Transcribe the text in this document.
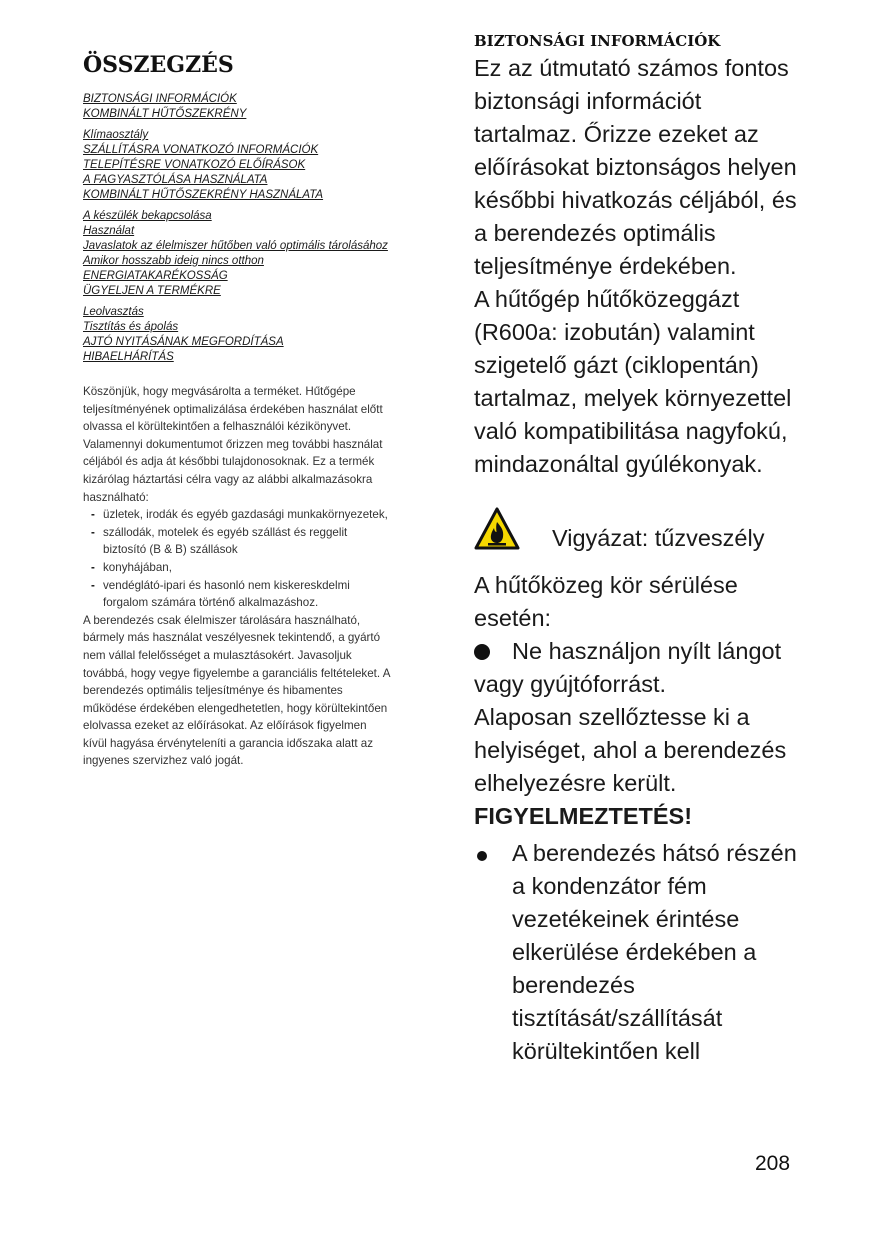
ÖSSZEGZÉS
BIZTONSÁGI INFORMÁCIÓK
KOMBINÁLT HŰTŐSZEKRÉNY
Klímaosztály
SZÁLLÍTÁSRA VONATKOZÓ INFORMÁCIÓK
TELEPÍTÉSRE VONATKOZÓ ELŐÍRÁSOK
A FAGYASZTÓLÁSA HASZNÁLATA
KOMBINÁLT HŰTŐSZEKRÉNY HASZNÁLATA
A készülék bekapcsolása
Használat
Javaslatok az élelmiszer hűtőben való optimális tárolásához
Amikor hosszabb ideig nincs otthon
ENERGIATAKARÉKOSSÁG
ÜGYELJEN A TERMÉKRE
Leolvasztás
Tisztítás és ápolás
AJTÓ NYITÁSÁNAK MEGFORDÍTÁSA
HIBAELHÁRÍTÁS

Köszönjük, hogy megvásárolta a terméket. Hűtőgépe teljesítményének optimalizálása érdekében használat előtt olvassa el körültekintően a felhasználói kézikönyvet. Valamennyi dokumentumot őrizzen meg további használat céljából és adja át későbbi tulajdonosoknak. Ez a termék kizárólag háztartási célra vagy az alábbi alkalmazásokra használható:

- üzletek, irodák és egyéb gazdasági munkakörnyezetek,
- szállodák, motelek és egyéb szállást és reggelit biztosító (B & B) szállások
- konyhájában,
- vendéglátó-ipari és hasonló nem kiskereskdelmi forgalom számára történő alkalmazáshoz.

A berendezés csak élelmiszer tárolására használható, bármely más használat veszélyesnek tekintendő, a gyártó nem vállal felelősséget a mulasztásokért. Javasoljuk továbbá, hogy vegye figyelembe a garanciális feltételeket. A berendezés optimális teljesítménye és hibamentes működése érdekében elengedhetetlen, hogy körültekintően elolvassa ezeket az előírásokat. Az előírások figyelmen kívül hagyása érvényteleníti a garancia időszaka alatt az ingyenes szervizhez való jogát.

BIZTONSÁGI INFORMÁCIÓK

Ez az útmutató számos fontos biztonsági információt tartalmaz. Őrizze ezeket az előírásokat biztonságos helyen későbbi hivatkozás céljából, és a berendezés optimális teljesítménye érdekében.

A hűtőgép hűtőközeggázt (R600a: izobután) valamint szigetelő gázt (ciklopentán) tartalmaz, melyek környezettel való kompatibilitása nagyfokú, mindazonáltal gyúlékonyak.

Vigyázat: tűzveszély

A hűtőközeg kör sérülése esetén:

Ne használjon nyílt lángot vagy gyújtóforrást.

Alaposan szellőztesse ki a helyiséget, ahol a berendezés elhelyezésre került.

FIGYELMEZTETÉS!

A berendezés hátsó részén a kondenzátor fém vezetékeinek érintése elkerülése érdekében a berendezés tisztítását/szállítását körültekintően kell
208
